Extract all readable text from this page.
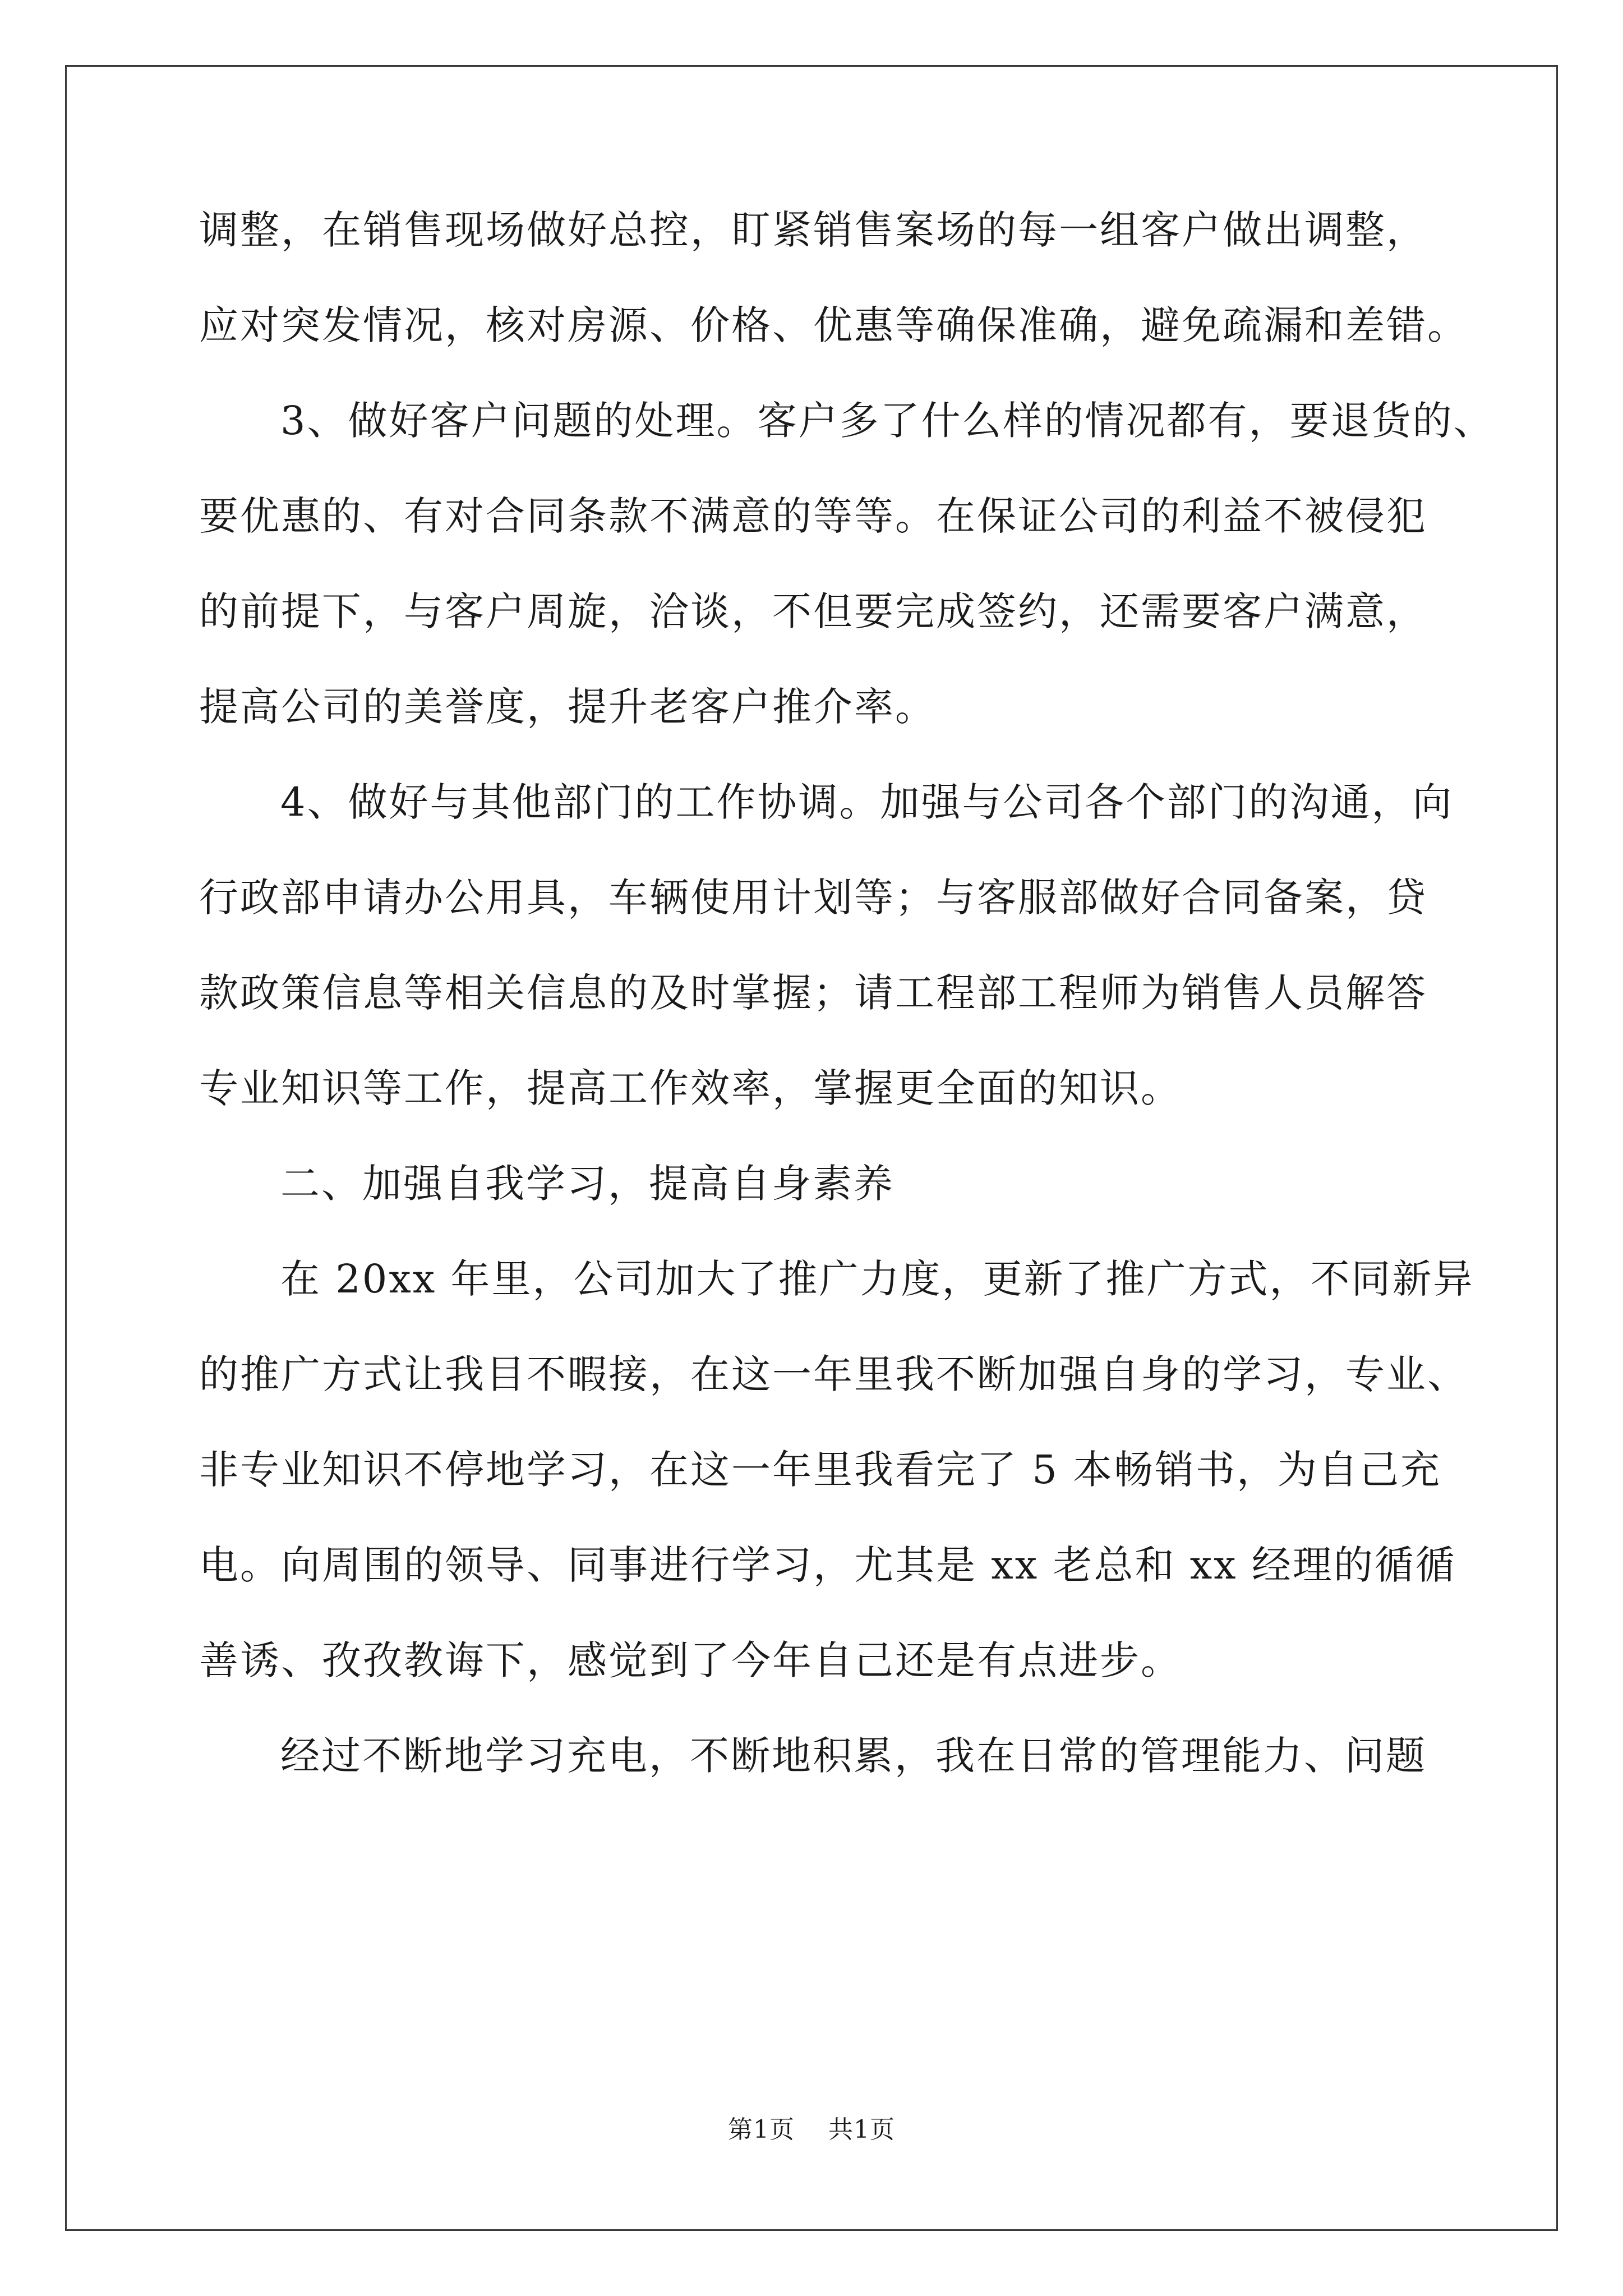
调整，在销售现场做好总控，盯紧销售案场的每一组客户做出调整，
应对突发情况，核对房源、价格、优惠等确保准确，避免疏漏和差错。
3、做好客户问题的处理。客户多了什么样的情况都有，要退货的、
要优惠的、有对合同条款不满意的等等。在保证公司的利益不被侵犯
的前提下，与客户周旋，洽谈，不但要完成签约，还需要客户满意，
提高公司的美誉度，提升老客户推介率。
4、做好与其他部门的工作协调。加强与公司各个部门的沟通，向
行政部申请办公用具，车辆使用计划等；与客服部做好合同备案，贷
款政策信息等相关信息的及时掌握；请工程部工程师为销售人员解答
专业知识等工作，提高工作效率，掌握更全面的知识。
二、加强自我学习，提高自身素养
在 20xx 年里，公司加大了推广力度，更新了推广方式，不同新异
的推广方式让我目不暇接，在这一年里我不断加强自身的学习，专业、
非专业知识不停地学习，在这一年里我看完了 5 本畅销书，为自己充
电。向周围的领导、同事进行学习，尤其是 xx 老总和 xx 经理的循循
善诱、孜孜教诲下，感觉到了今年自己还是有点进步。
经过不断地学习充电，不断地积累，我在日常的管理能力、问题
第1页 共1页
